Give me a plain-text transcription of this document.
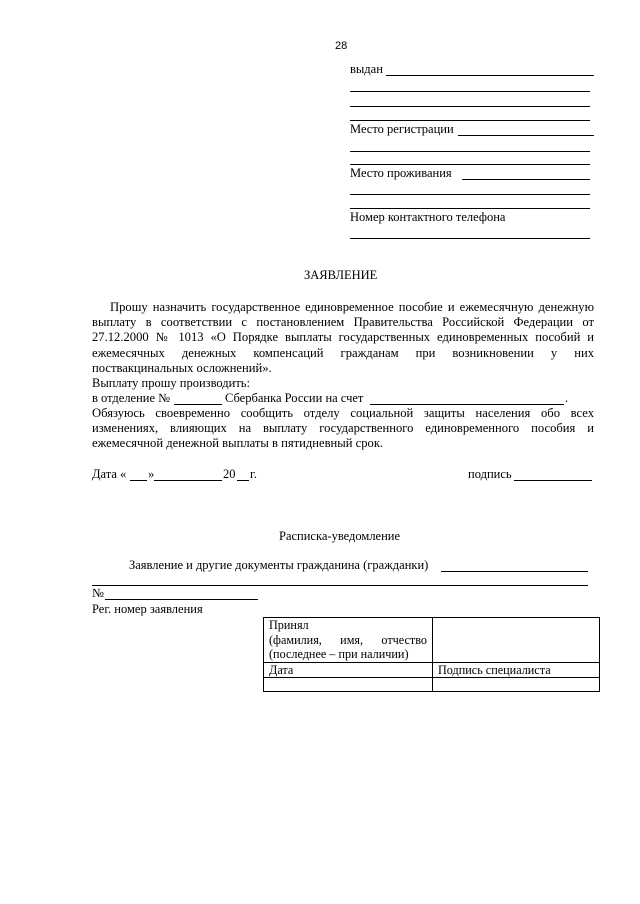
28
выдан
Место регистрации
Место проживания
Номер контактного телефона
ЗАЯВЛЕНИЕ
Прошу назначить государственное единовременное пособие и ежемесячную денежную
выплату в соответствии с постановлением Правительства Российской Федерации от
27.12.2000 № 1013 «О Порядке выплаты государственных единовременных пособий и
ежемесячных денежных компенсаций гражданам при возникновении у них
поствакцинальных осложнений».
Выплату прошу производить:
в отделение №	Сбербанка России на счет	.
Обязуюсь своевременно сообщить отделу социальной защиты населения обо всех
изменениях, влияющих на выплату государственного единовременного пособия и
ежемесячной денежной выплаты в пятидневный срок.
Дата « »	20 г.	подпись
Расписка-уведомление
Заявление и другие документы гражданина (гражданки)
№
Рег. номер заявления
Принял
(фамилия, имя, отчество
(последнее – при наличии)	

Дата	Подпись специалиста
